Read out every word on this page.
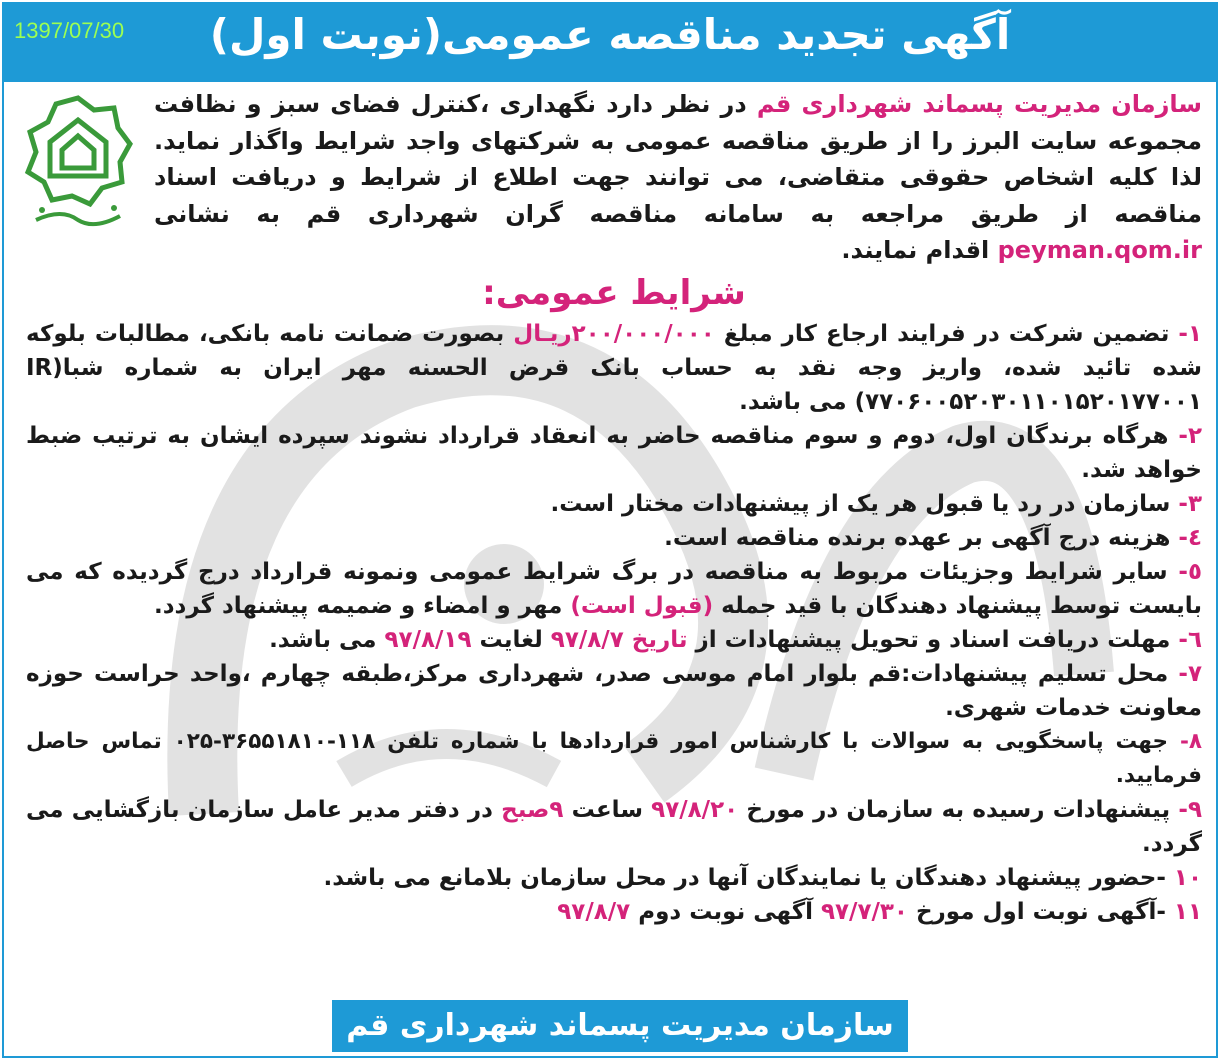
1397/07/30	آگهی تجدید مناقصه عمومی(نوبت اول)

سازمان مدیریت پسماند شهرداری قم در نظر دارد نگهداری ،کنترل فضای سبز و نظافت مجموعه سایت البرز را از طریق مناقصه عمومی به شرکتهای واجد شرایط واگذار نماید. لذا کلیه اشخاص حقوقی متقاضی، می توانند جهت اطلاع از شرایط و دریافت اسناد مناقصه از طریق مراجعه به سامانه مناقصه گران شهرداری قم به نشانی peyman.qom.ir اقدام نمایند.

شرایط عمومی:

۱- تضمین شرکت در فرایند ارجاع کار مبلغ ۲۰۰/۰۰۰/۰۰۰ریـال بصورت ضمانت نامه بانکی، مطالبات بلوکه شده تائید شده، واریز وجه نقد به حساب بانک قرض الحسنه مهر ایران به شماره شبا(IR ۷۷۰۶۰۰۵۲۰۳۰۱۱۰۱۵۲۰۱۷۷۰۰۱) می باشد.

۲- هرگاه برندگان اول، دوم و سوم مناقصه حاضر به انعقاد قرارداد نشوند سپرده ایشان به ترتیب ضبط خواهد شد.

۳- سازمان در رد یا قبول هر یک از پیشنهادات مختار است.

٤- هزینه درج آگهی بر عهده برنده مناقصه است.

٥- سایر شرایط وجزیئات مربوط به مناقصه در برگ شرایط عمومی ونمونه قرارداد درج گردیده که می بایست توسط پیشنهاد دهندگان با قید جمله (قبول است) مهر و امضاء و ضمیمه پیشنهاد گردد.

٦- مهلت دریافت اسناد و تحویل پیشنهادات از تاریخ ۹۷/۸/۷ لغایت ۹۷/۸/۱۹ می باشد.

۷- محل تسلیم پیشنهادات:قم بلوار امام موسی صدر، شهرداری مرکز،طبقه چهارم ،واحد حراست حوزه معاونت خدمات شهری.

۸- جهت پاسخگویی به سوالات با کارشناس امور قراردادها با شماره تلفن ۱۱۸-۳۶۵۵۱۸۱۰-۰۲۵ تماس حاصل فرمایید.

۹- پیشنهادات رسیده به سازمان در مورخ ۹۷/۸/۲۰ ساعت ۹صبح در دفتر مدیر عامل سازمان بازگشایی می گردد.

۱۰ -حضور پیشنهاد دهندگان یا نمایندگان آنها در محل سازمان بلامانع می باشد.

۱۱ -آگهی نوبت اول مورخ ۹۷/۷/۳۰ آگهی نوبت دوم ۹۷/۸/۷

سازمان مدیریت پسماند شهرداری قم
